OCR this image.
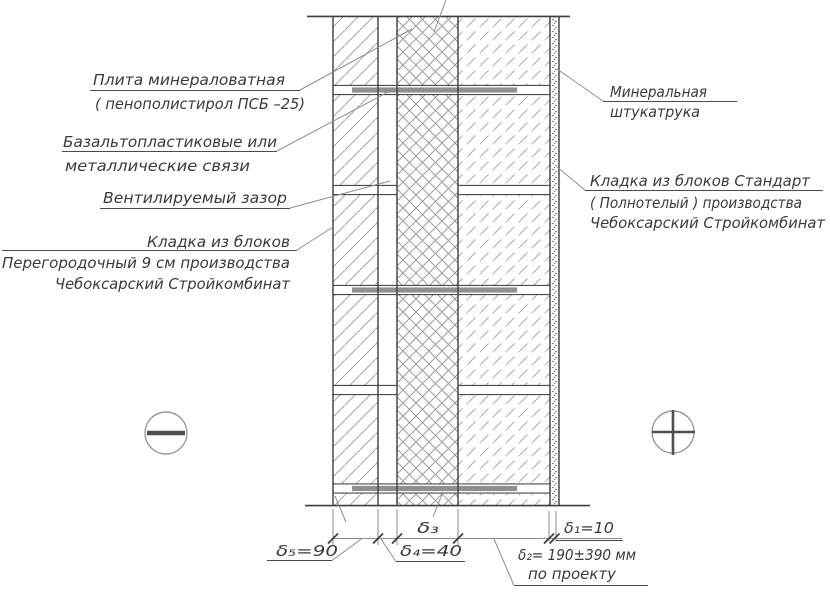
Плита минераловатная
( пенополистирол ПСБ –25)
Базальтопластиковые или
металлические связи
Вентилируемый зазор
Кладка из блоков
Перегородочный 9 см производства
Чебоксарский Стройкомбинат
Минеральная
штукатрука
Кладка из блоков Стандарт
( Полнотелый ) производства
Чебоксарский Стройкомбинат
δ₅=90	δ₄=40
δ₃	δ₁=10
δ₂= 190±390 мм
по проекту
